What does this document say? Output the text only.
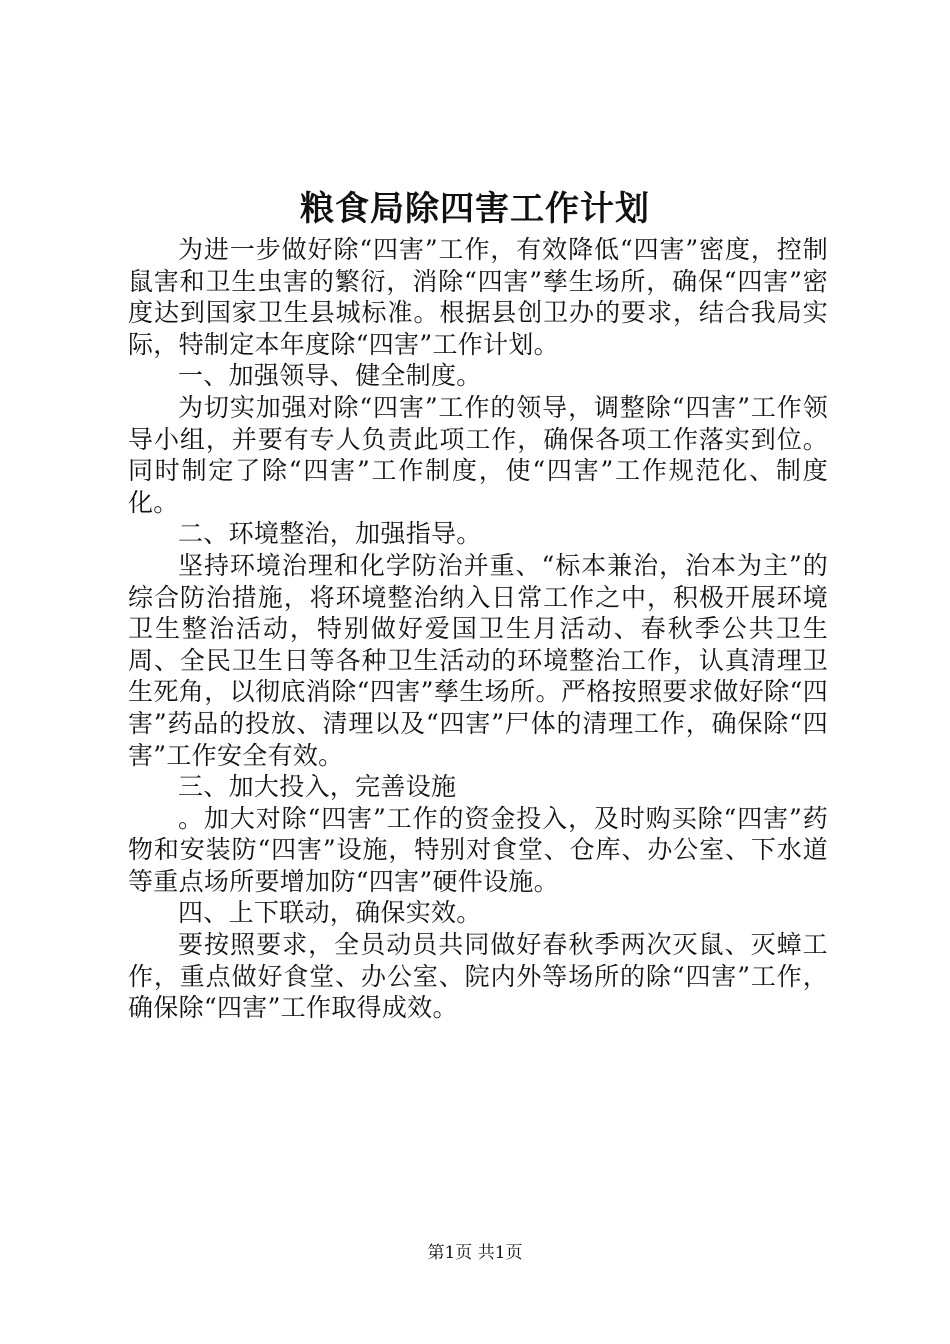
粮食局除四害工作计划

为进一步做好除“四害”工作，有效降低“四害”密度，控制鼠害和卫生虫害的繁衍，消除“四害”孳生场所，确保“四害”密度达到国家卫生县城标准。根据县创卫办的要求，结合我局实际，特制定本年度除“四害”工作计划。

一、加强领导、健全制度。

为切实加强对除“四害”工作的领导，调整除“四害”工作领导小组，并要有专人负责此项工作，确保各项工作落实到位。同时制定了除“四害”工作制度，使“四害”工作规范化、制度化。

二、环境整治，加强指导。

坚持环境治理和化学防治并重、“标本兼治，治本为主”的综合防治措施，将环境整治纳入日常工作之中，积极开展环境卫生整治活动，特别做好爱国卫生月活动、春秋季公共卫生周、全民卫生日等各种卫生活动的环境整治工作，认真清理卫生死角，以彻底消除“四害”孳生场所。严格按照要求做好除“四害”药品的投放、清理以及“四害”尸体的清理工作，确保除“四害”工作安全有效。

三、加大投入，完善设施

。加大对除“四害”工作的资金投入，及时购买除“四害”药物和安装防“四害”设施，特别对食堂、仓库、办公室、下水道等重点场所要增加防“四害”硬件设施。

四、上下联动，确保实效。

要按照要求，全员动员共同做好春秋季两次灭鼠、灭蟑工作，重点做好食堂、办公室、院内外等场所的除“四害”工作，确保除“四害”工作取得成效。

第1页 共1页
